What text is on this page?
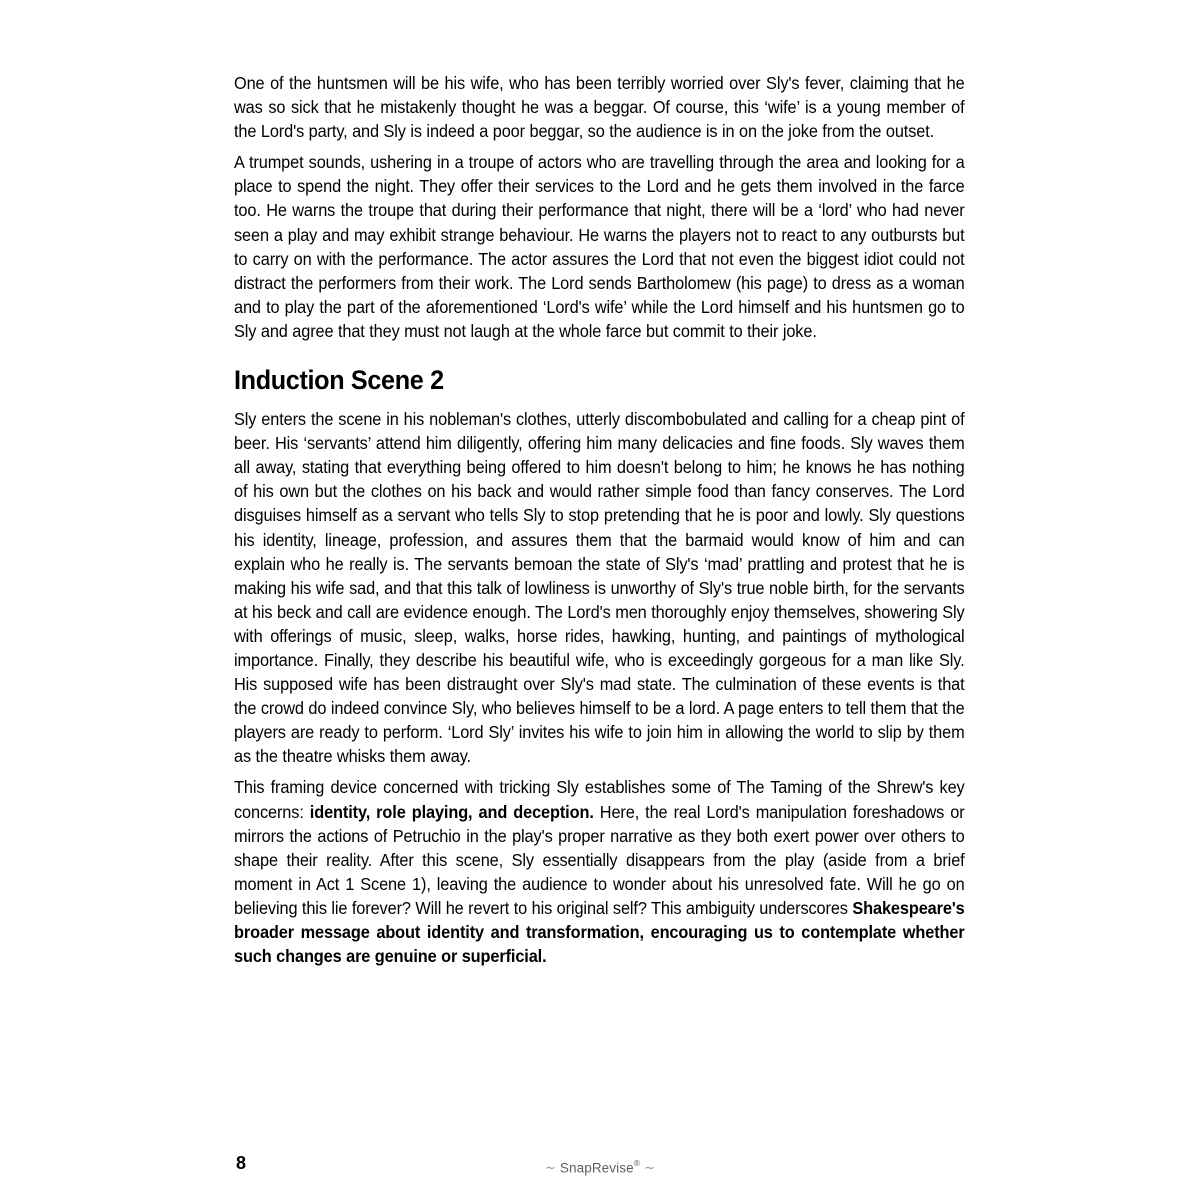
One of the huntsmen will be his wife, who has been terribly worried over Sly's fever, claiming that he was so sick that he mistakenly thought he was a beggar. Of course, this ‘wife’ is a young member of the Lord's party, and Sly is indeed a poor beggar, so the audience is in on the joke from the outset.

A trumpet sounds, ushering in a troupe of actors who are travelling through the area and looking for a place to spend the night. They offer their services to the Lord and he gets them involved in the farce too. He warns the troupe that during their performance that night, there will be a ‘lord’ who had never seen a play and may exhibit strange behaviour. He warns the players not to react to any outbursts but to carry on with the performance. The actor assures the Lord that not even the biggest idiot could not distract the performers from their work. The Lord sends Bartholomew (his page) to dress as a woman and to play the part of the aforementioned ‘Lord's wife’ while the Lord himself and his huntsmen go to Sly and agree that they must not laugh at the whole farce but commit to their joke.

Induction Scene 2

Sly enters the scene in his nobleman's clothes, utterly discombobulated and calling for a cheap pint of beer. His ‘servants’ attend him diligently, offering him many delicacies and fine foods. Sly waves them all away, stating that everything being offered to him doesn't belong to him; he knows he has nothing of his own but the clothes on his back and would rather simple food than fancy conserves. The Lord disguises himself as a servant who tells Sly to stop pretending that he is poor and lowly. Sly questions his identity, lineage, profession, and assures them that the barmaid would know of him and can explain who he really is. The servants bemoan the state of Sly's ‘mad’ prattling and protest that he is making his wife sad, and that this talk of lowliness is unworthy of Sly's true noble birth, for the servants at his beck and call are evidence enough. The Lord's men thoroughly enjoy themselves, showering Sly with offerings of music, sleep, walks, horse rides, hawking, hunting, and paintings of mythological importance. Finally, they describe his beautiful wife, who is exceedingly gorgeous for a man like Sly. His supposed wife has been distraught over Sly's mad state. The culmination of these events is that the crowd do indeed convince Sly, who believes himself to be a lord. A page enters to tell them that the players are ready to perform. ‘Lord Sly’ invites his wife to join him in allowing the world to slip by them as the theatre whisks them away.

This framing device concerned with tricking Sly establishes some of The Taming of the Shrew's key concerns: identity, role playing, and deception. Here, the real Lord's manipulation foreshadows or mirrors the actions of Petruchio in the play's proper narrative as they both exert power over others to shape their reality. After this scene, Sly essentially disappears from the play (aside from a brief moment in Act 1 Scene 1), leaving the audience to wonder about his unresolved fate. Will he go on believing this lie forever? Will he revert to his original self? This ambiguity underscores Shakespeare's broader message about identity and transformation, encouraging us to contemplate whether such changes are genuine or superficial.

8	∼ SnapRevise® ∼
